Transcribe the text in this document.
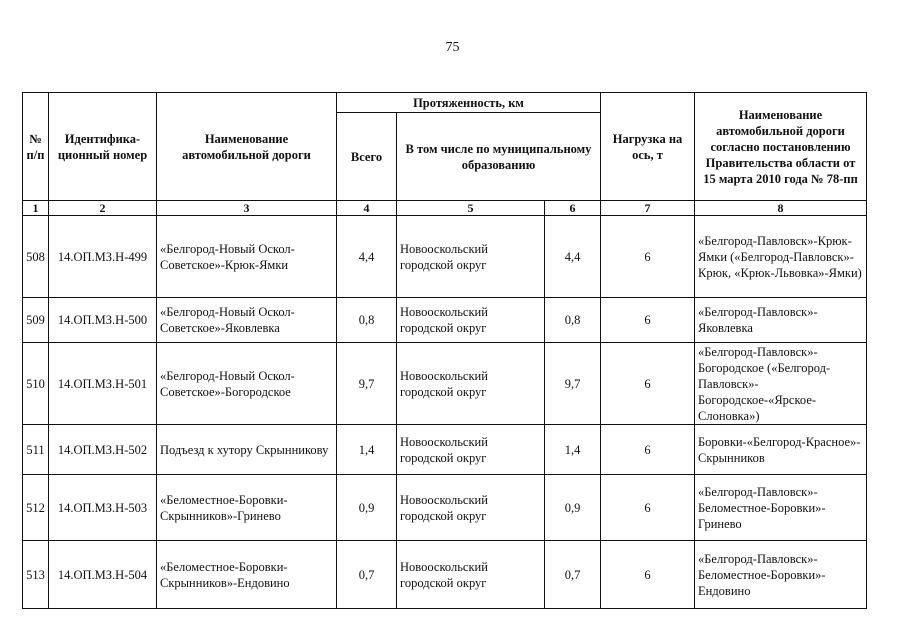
75
№ п/п	Идентифика-ционный номер	Наименование автомобильной дороги	Протяженность, км			Нагрузка на ось, т	Наименование автомобильной дороги согласно постановлению Правительства области от 15 марта 2010 года № 78-пп
			Всего	В том числе по муниципальному образованию			
1	2	3	4	5	6	7	8
508	14.ОП.МЗ.Н-499	«Белгород-Новый Оскол-Советское»-Крюк-Ямки	4,4	Новооскольский городской округ	4,4	6	«Белгород-Павловск»-Крюк-Ямки («Белгород-Павловск»-Крюк, «Крюк-Львовка»-Ямки)
509	14.ОП.МЗ.Н-500	«Белгород-Новый Оскол-Советское»-Яковлевка	0,8	Новооскольский городской округ	0,8	6	«Белгород-Павловск»-Яковлевка
510	14.ОП.МЗ.Н-501	«Белгород-Новый Оскол-Советское»-Богородское	9,7	Новооскольский городской округ	9,7	6	«Белгород-Павловск»-Богородское («Белгород-Павловск»-Богородское-«Ярское-Слоновка»)
511	14.ОП.МЗ.Н-502	Подъезд к хутору Скрынникову	1,4	Новооскольский городской округ	1,4	6	Боровки-«Белгород-Красное»-Скрынников
512	14.ОП.МЗ.Н-503	«Беломестное-Боровки-Скрынников»-Гринево	0,9	Новооскольский городской округ	0,9	6	«Белгород-Павловск»-Беломестное-Боровки»-Гринево
513	14.ОП.МЗ.Н-504	«Беломестное-Боровки-Скрынников»-Ендовино	0,7	Новооскольский городской округ	0,7	6	«Белгород-Павловск»-Беломестное-Боровки»-Ендовино
